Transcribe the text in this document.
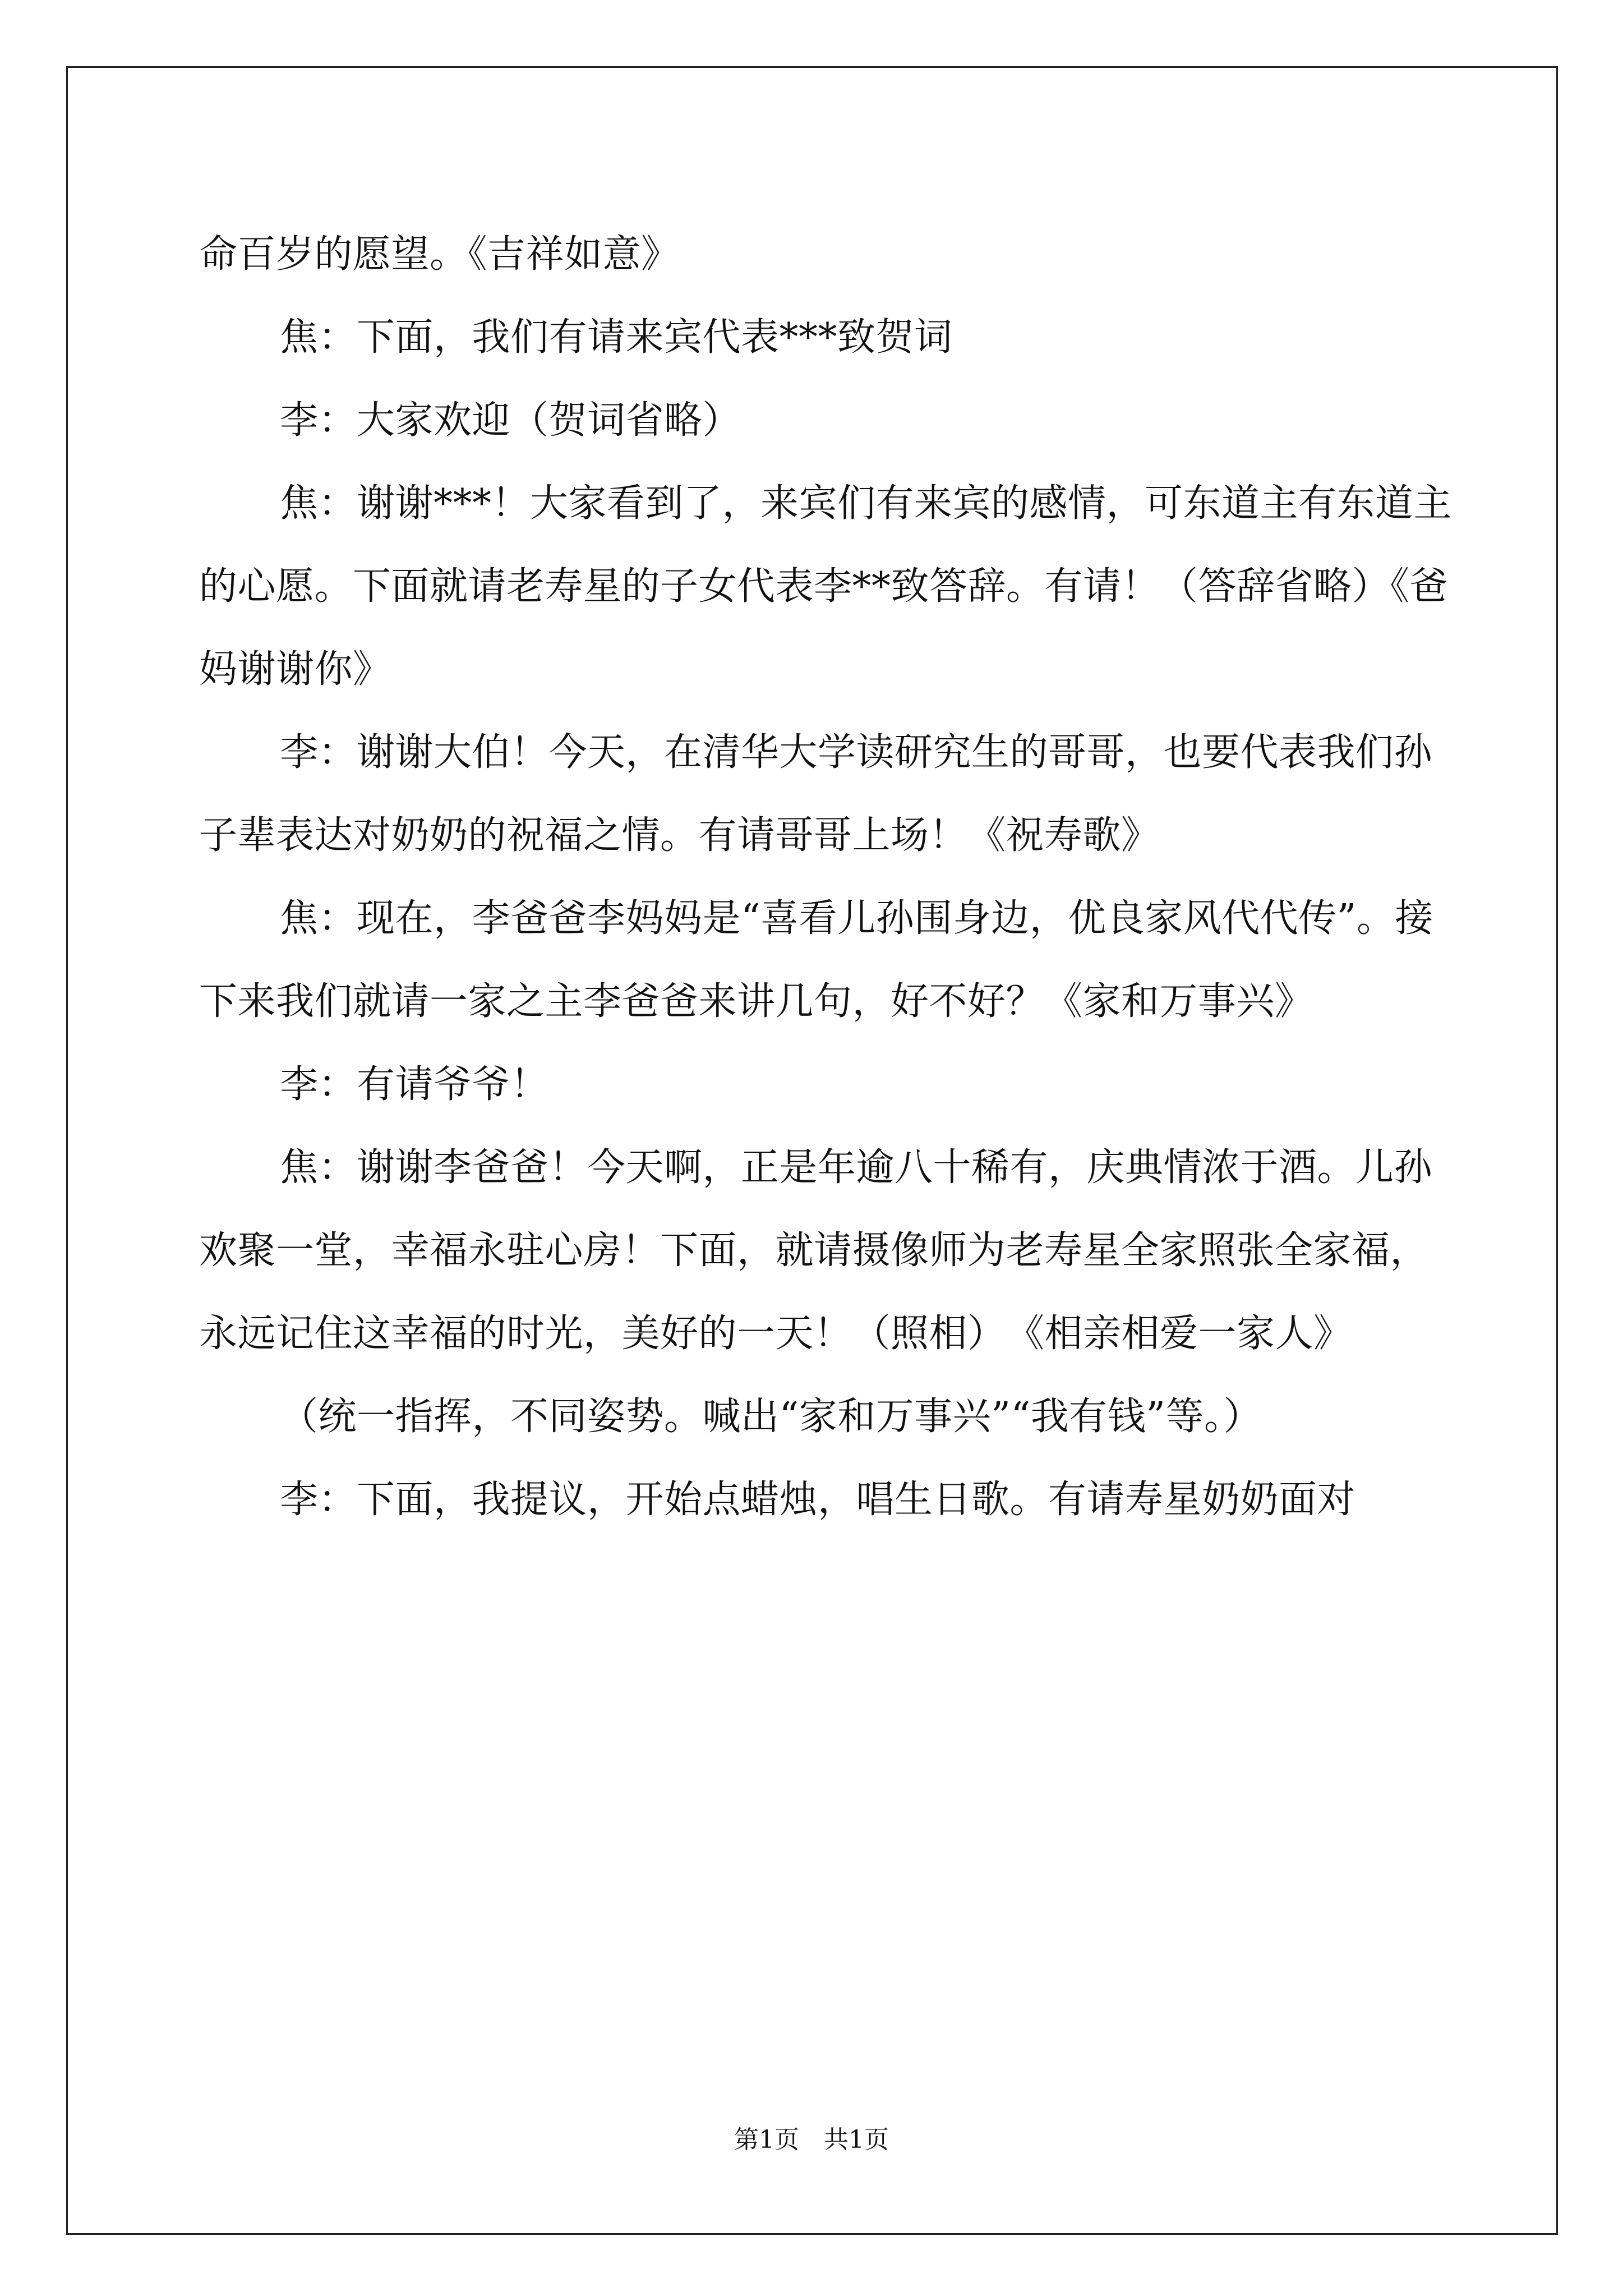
命百岁的愿望。《吉祥如意》

焦：下面，我们有请来宾代表***致贺词

李：大家欢迎（贺词省略）

焦：谢谢***！大家看到了，来宾们有来宾的感情，可东道主有东道主的心愿。下面就请老寿星的子女代表李**致答辞。有请！（答辞省略）《爸妈谢谢你》

李：谢谢大伯！今天，在清华大学读研究生的哥哥，也要代表我们孙子辈表达对奶奶的祝福之情。有请哥哥上场！《祝寿歌》

焦：现在，李爸爸李妈妈是“喜看儿孙围身边，优良家风代代传”。接下来我们就请一家之主李爸爸来讲几句，好不好？《家和万事兴》

李：有请爷爷！

焦：谢谢李爸爸！今天啊，正是年逾八十稀有，庆典情浓于酒。儿孙欢聚一堂，幸福永驻心房！下面，就请摄像师为老寿星全家照张全家福，永远记住这幸福的时光，美好的一天！（照相）　《相亲相爱一家人》

（统一指挥，不同姿势。喊出“家和万事兴”“我有钱”等。）

李：下面，我提议，开始点蜡烛，唱生日歌。有请寿星奶奶面对

第1页　共1页
